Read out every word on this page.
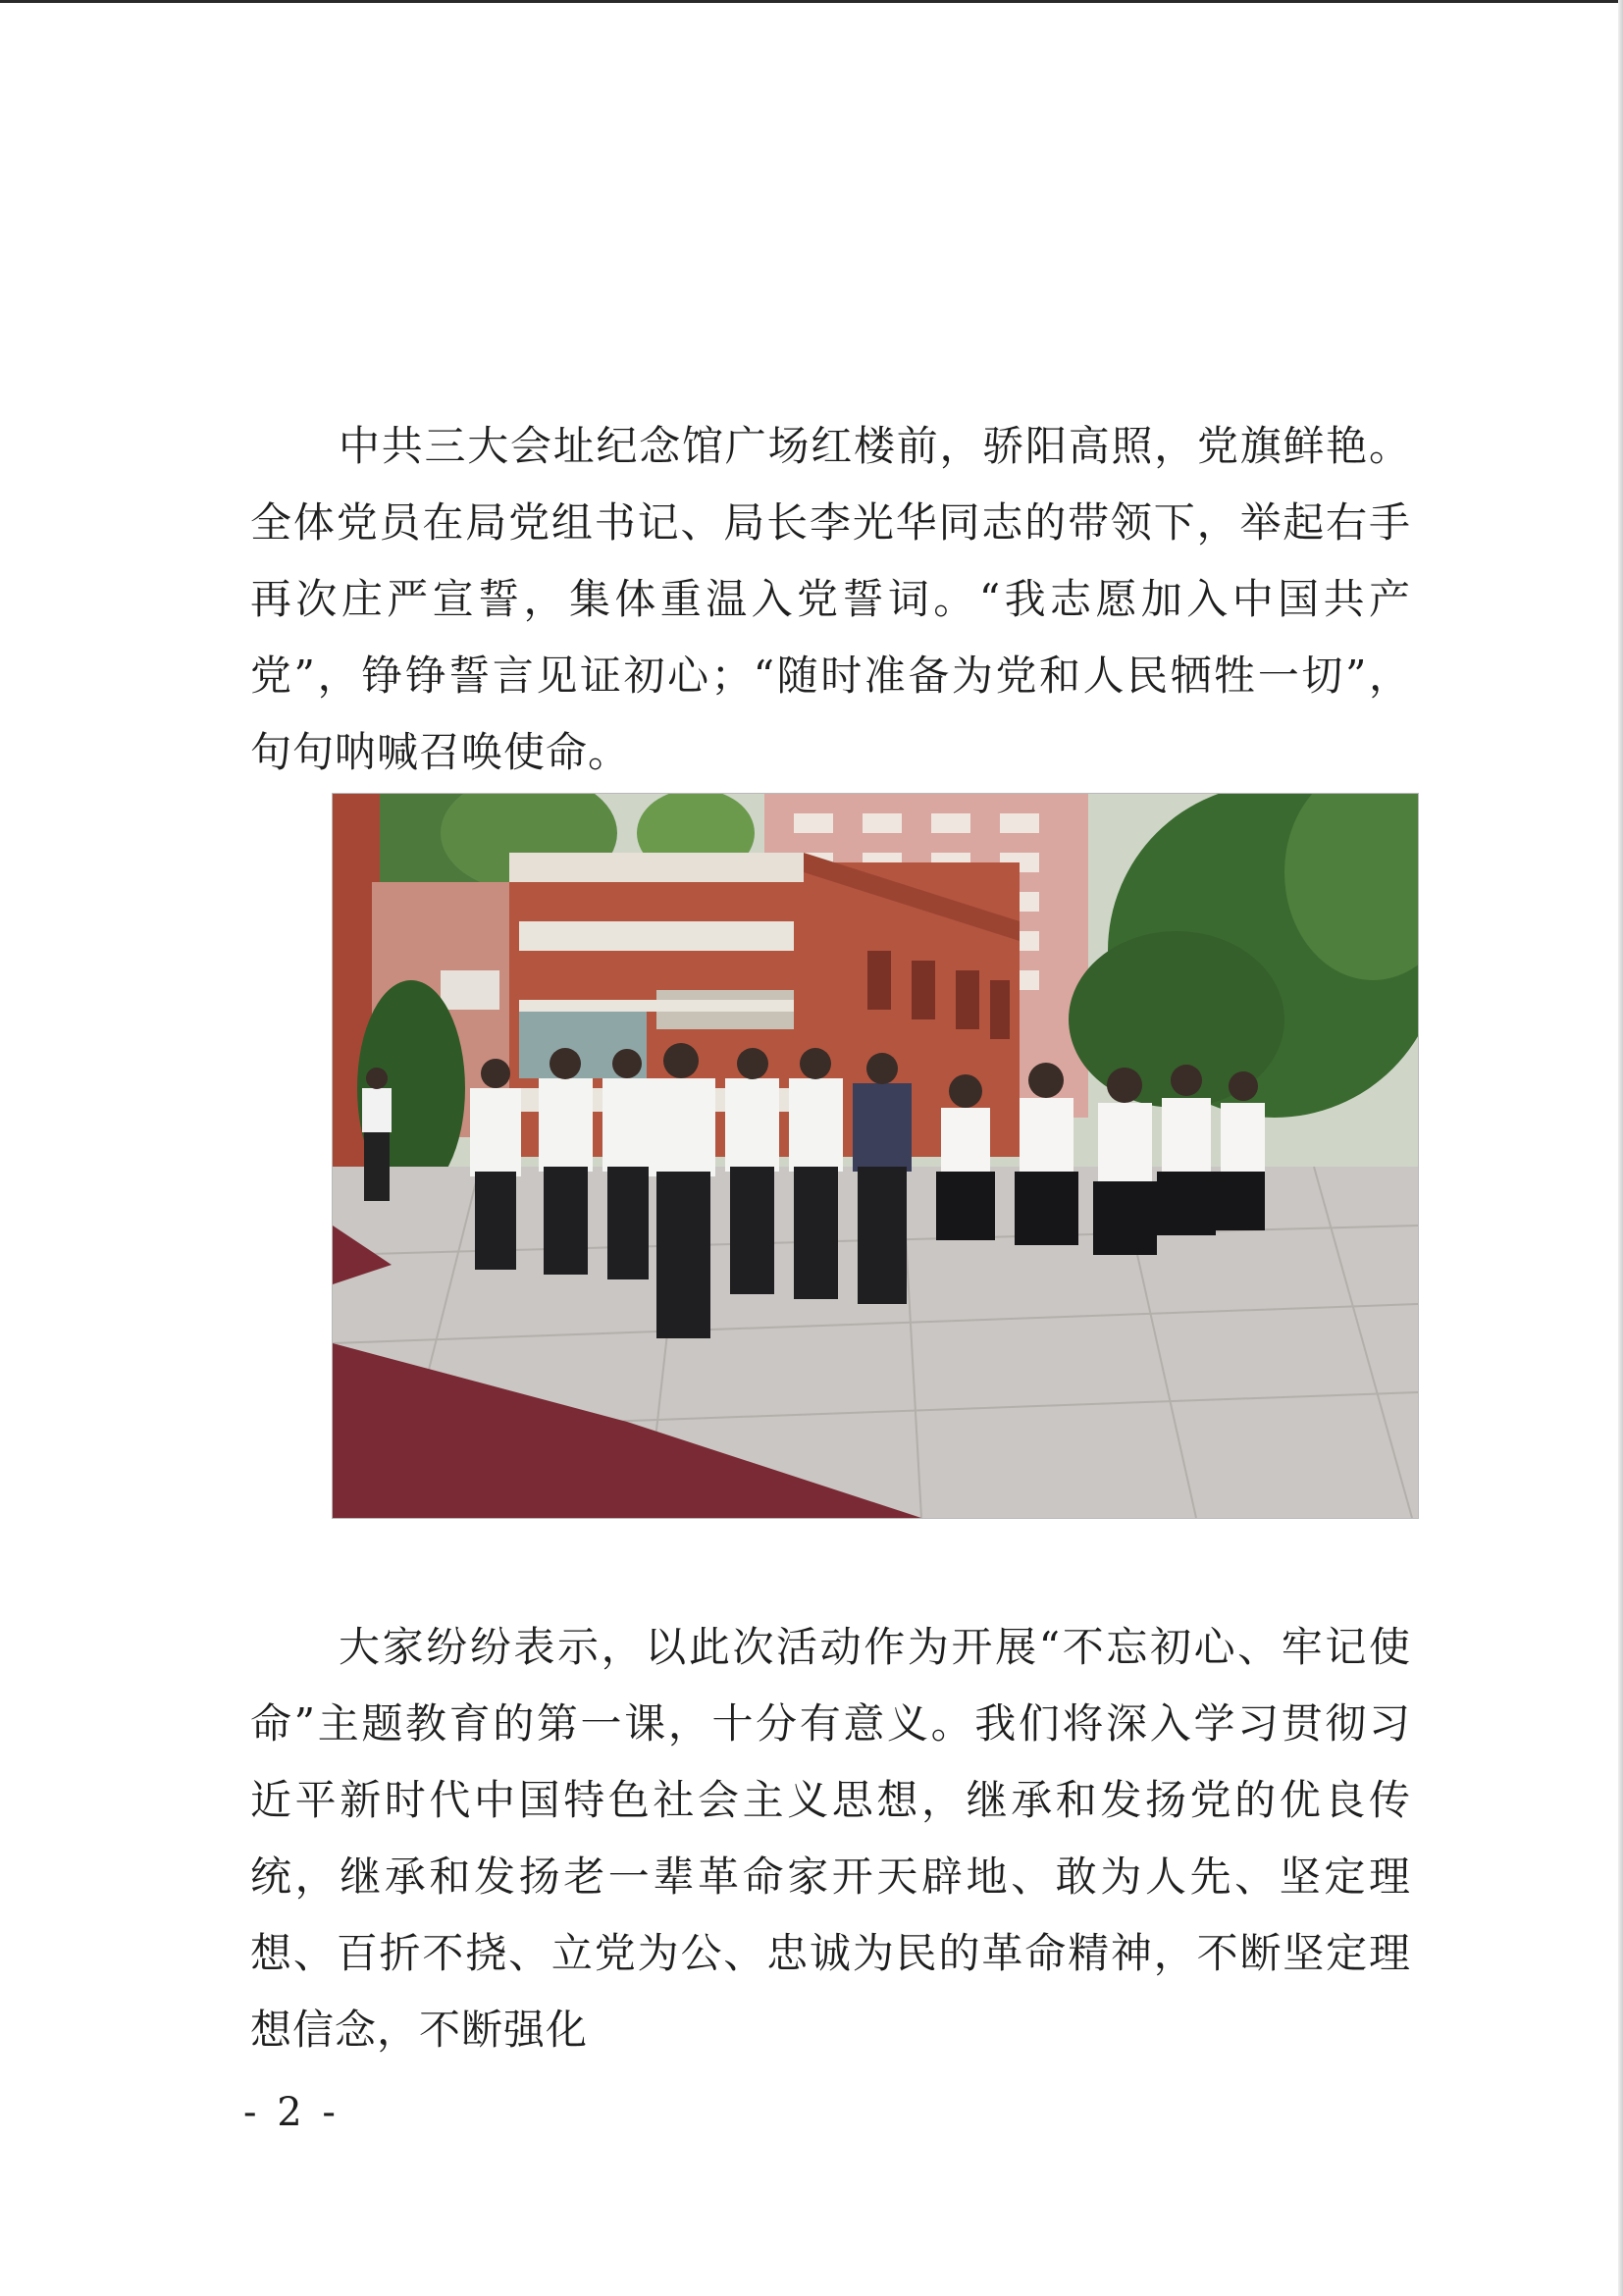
中共三大会址纪念馆广场红楼前，骄阳高照，党旗鲜艳。全体党员在局党组书记、局长李光华同志的带领下，举起右手再次庄严宣誓，集体重温入党誓词。“我志愿加入中国共产党”，铮铮誓言见证初心；“随时准备为党和人民牺牲一切”，句句呐喊召唤使命。

大家纷纷表示，以此次活动作为开展“不忘初心、牢记使命”主题教育的第一课，十分有意义。我们将深入学习贯彻习近平新时代中国特色社会主义思想，继承和发扬党的优良传统，继承和发扬老一辈革命家开天辟地、敢为人先、坚定理想、百折不挠、立党为公、忠诚为民的革命精神，不断坚定理想信念，不断强化

- 2 -
